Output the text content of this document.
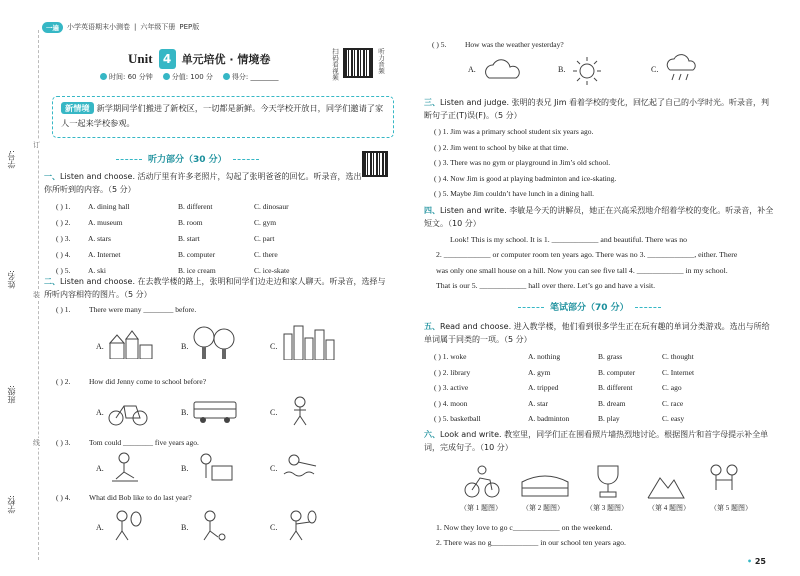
学号:
姓名:
班级:
学校:
订
装
线
一遍	小学英语期末小测卷 | 六年级下册 PEP版
Unit 4 单元培优 · 情境卷
时间: 60 分钟	分值: 100 分	得分: ________	扫码看视频	听力音频
新情境 新学期同学们搬进了新校区，一切都是新鲜。今天学校开放日，同学们邀请了家人一起来学校参观。
听力部分（30 分）
一、Listen and choose. 活动厅里有许多老照片，勾起了张明爸爸的回忆。听录音，选出你所听到的内容。（5 分）
( ) 1.	A. dining hall	B. different	C. dinosaur
( ) 2.	A. museum	B. room	C. gym
( ) 3.	A. stars	B. start	C. part
( ) 4.	A. Internet	B. computer	C. there
( ) 5.	A. ski	B. ice cream	C. ice-skate
二、Listen and choose. 在去教学楼的路上，张明和同学们边走边和家人聊天。听录音，选择与所听内容相符的图片。（5 分）
( ) 1.	There were many ________ before.
( ) 2.	How did Jenny come to school before?
( ) 3.	Tom could ________ five years ago.
( ) 4.	What did Bob like to do last year?
( ) 5.	How was the weather yesterday?
A.	B.	C.
A.	B.	C.
A.	B.	C.
A.	B.	C.
A.	B.	C.
三、Listen and judge. 张明的表兄 Jim 看着学校的变化，回忆起了自己的小学时光。听录音，判断句子正(T)误(F)。（5 分）
( ) 1. Jim was a primary school student six years ago.
( ) 2. Jim went to school by bike at that time.
( ) 3. There was no gym or playground in Jim’s old school.
( ) 4. Now Jim is good at playing badminton and ice-skating.
( ) 5. Maybe Jim couldn’t have lunch in a dining hall.
四、Listen and write. 李敏是今天的讲解员，她正在兴高采烈地介绍着学校的变化。听录音，补全短文。（10 分）
Look! This is my school. It is 1. ____________ and beautiful. There was no
2. ____________ or computer room ten years ago. There was no 3. ____________, either. There
was only one small house on a hill. Now you can see five tall 4. ____________ in my school.
That is our 5. ____________ hall over there. Let’s go and have a visit.
笔试部分（70 分）
五、Read and choose. 进入教学楼，他们看到很多学生正在玩有趣的单词分类游戏。选出与所给单词属于同类的一项。（5 分）
( ) 1. woke	A. nothing	B. grass	C. thought
( ) 2. library	A. gym	B. computer	C. Internet
( ) 3. active	A. tripped	B. different	C. ago
( ) 4. moon	A. star	B. dream	C. race
( ) 5. basketball	A. badminton	B. play	C. easy
六、Look and write. 教室里，同学们正在围看照片墙热烈地讨论。根据图片和首字母提示补全单词，完成句子。（10 分）
（第 1 题图）	（第 2 题图）	（第 3 题图）	（第 4 题图）	（第 5 题图）
1. Now they love to go c____________ on the weekend.
2. There was no g____________ in our school ten years ago.
• 25
